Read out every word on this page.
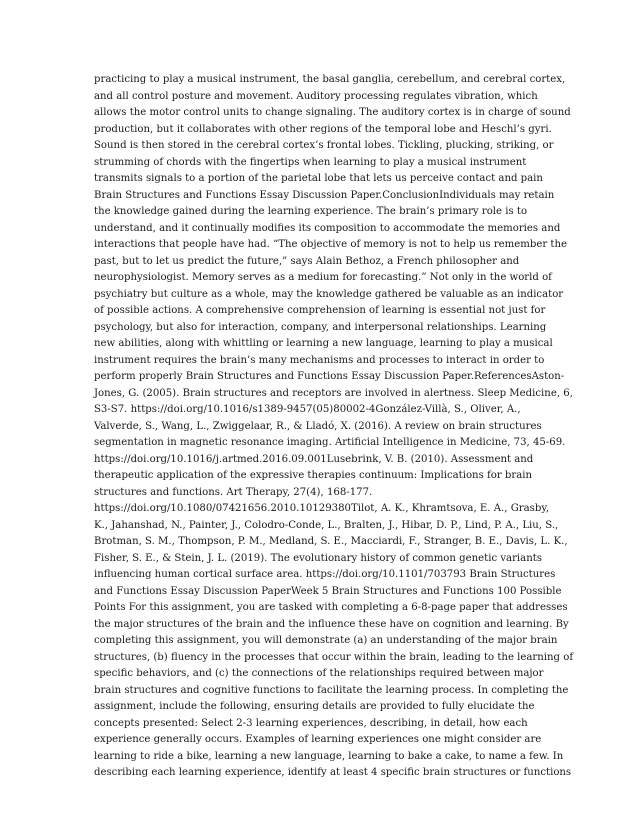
practicing to play a musical instrument, the basal ganglia, cerebellum, and cerebral cortex,
and all control posture and movement. Auditory processing regulates vibration, which
allows the motor control units to change signaling. The auditory cortex is in charge of sound
production, but it collaborates with other regions of the temporal lobe and Heschl’s gyri.
Sound is then stored in the cerebral cortex’s frontal lobes. Tickling, plucking, striking, or
strumming of chords with the fingertips when learning to play a musical instrument
transmits signals to a portion of the parietal lobe that lets us perceive contact and pain
Brain Structures and Functions Essay Discussion Paper.ConclusionIndividuals may retain
the knowledge gained during the learning experience. The brain’s primary role is to
understand, and it continually modifies its composition to accommodate the memories and
interactions that people have had. “The objective of memory is not to help us remember the
past, but to let us predict the future,” says Alain Bethoz, a French philosopher and
neurophysiologist. Memory serves as a medium for forecasting.” Not only in the world of
psychiatry but culture as a whole, may the knowledge gathered be valuable as an indicator
of possible actions. A comprehensive comprehension of learning is essential not just for
psychology, but also for interaction, company, and interpersonal relationships. Learning
new abilities, along with whittling or learning a new language, learning to play a musical
instrument requires the brain’s many mechanisms and processes to interact in order to
perform properly Brain Structures and Functions Essay Discussion Paper.ReferencesAston-
Jones, G. (2005). Brain structures and receptors are involved in alertness. Sleep Medicine, 6,
S3-S7. https://doi.org/10.1016/s1389-9457(05)80002-4González-Villà, S., Oliver, A.,
Valverde, S., Wang, L., Zwiggelaar, R., & Lladó, X. (2016). A review on brain structures
segmentation in magnetic resonance imaging. Artificial Intelligence in Medicine, 73, 45-69.
https://doi.org/10.1016/j.artmed.2016.09.001Lusebrink, V. B. (2010). Assessment and
therapeutic application of the expressive therapies continuum: Implications for brain
structures and functions. Art Therapy, 27(4), 168-177.
https://doi.org/10.1080/07421656.2010.10129380Tilot, A. K., Khramtsova, E. A., Grasby,
K., Jahanshad, N., Painter, J., Colodro-Conde, L., Bralten, J., Hibar, D. P., Lind, P. A., Liu, S.,
Brotman, S. M., Thompson, P. M., Medland, S. E., Macciardi, F., Stranger, B. E., Davis, L. K.,
Fisher, S. E., & Stein, J. L. (2019). The evolutionary history of common genetic variants
influencing human cortical surface area. https://doi.org/10.1101/703793 Brain Structures
and Functions Essay Discussion PaperWeek 5 Brain Structures and Functions 100 Possible
Points For this assignment, you are tasked with completing a 6-8-page paper that addresses
the major structures of the brain and the influence these have on cognition and learning. By
completing this assignment, you will demonstrate (a) an understanding of the major brain
structures, (b) fluency in the processes that occur within the brain, leading to the learning of
specific behaviors, and (c) the connections of the relationships required between major
brain structures and cognitive functions to facilitate the learning process. In completing the
assignment, include the following, ensuring details are provided to fully elucidate the
concepts presented: Select 2-3 learning experiences, describing, in detail, how each
experience generally occurs. Examples of learning experiences one might consider are
learning to ride a bike, learning a new language, learning to bake a cake, to name a few. In
describing each learning experience, identify at least 4 specific brain structures or functions
